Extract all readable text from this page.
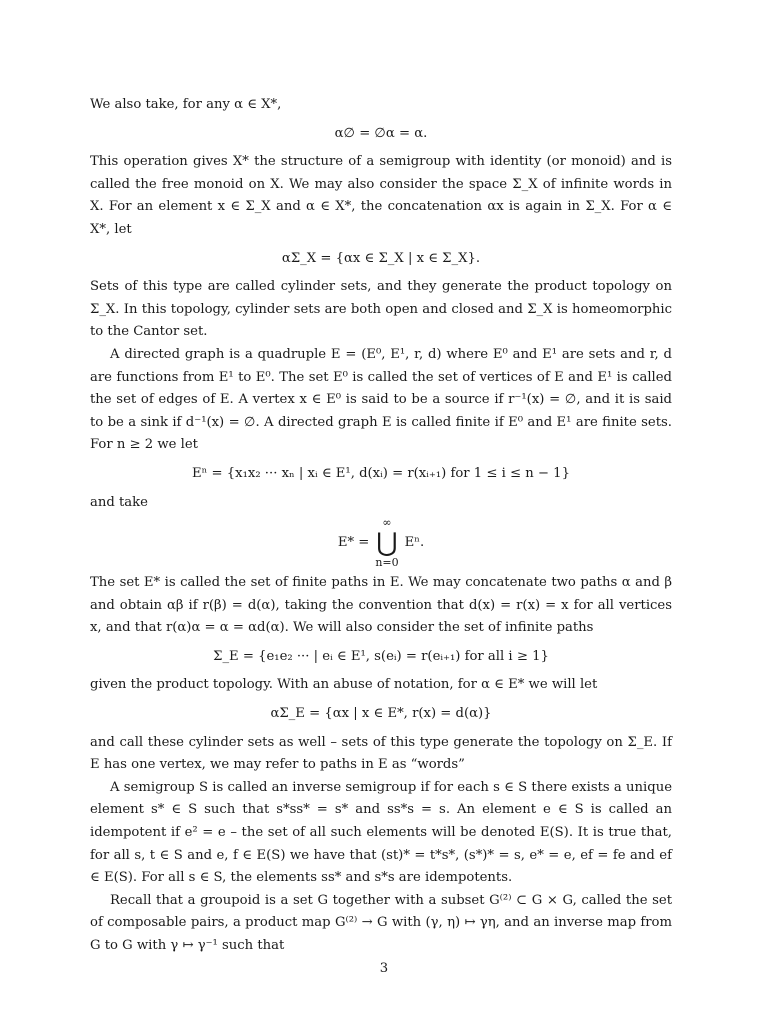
We also take, for any α ∈ X*,

α∅ = ∅α = α.

This operation gives X* the structure of a semigroup with identity (or monoid) and is called the free monoid on X. We may also consider the space Σ_X of infinite words in X. For an element x ∈ Σ_X and α ∈ X*, the concatenation αx is again in Σ_X. For α ∈ X*, let

αΣ_X = {αx ∈ Σ_X | x ∈ Σ_X}.

Sets of this type are called cylinder sets, and they generate the product topology on Σ_X. In this topology, cylinder sets are both open and closed and Σ_X is homeomorphic to the Cantor set.

A directed graph is a quadruple E = (E⁰, E¹, r, d) where E⁰ and E¹ are sets and r, d are functions from E¹ to E⁰. The set E⁰ is called the set of vertices of E and E¹ is called the set of edges of E. A vertex x ∈ E⁰ is said to be a source if r⁻¹(x) = ∅, and it is said to be a sink if d⁻¹(x) = ∅. A directed graph E is called finite if E⁰ and E¹ are finite sets. For n ≥ 2 we let

Eⁿ = {x₁x₂ ··· xₙ | xᵢ ∈ E¹, d(xᵢ) = r(xᵢ₊₁) for 1 ≤ i ≤ n − 1}

and take

E* =
∞
⋃
n=0
Eⁿ.

The set E* is called the set of finite paths in E. We may concatenate two paths α and β and obtain αβ if r(β) = d(α), taking the convention that d(x) = r(x) = x for all vertices x, and that r(α)α = α = αd(α). We will also consider the set of infinite paths

Σ_E = {e₁e₂ ··· | eᵢ ∈ E¹, s(eᵢ) = r(eᵢ₊₁) for all i ≥ 1}

given the product topology. With an abuse of notation, for α ∈ E* we will let

αΣ_E = {αx | x ∈ E*, r(x) = d(α)}

and call these cylinder sets as well – sets of this type generate the topology on Σ_E. If E has one vertex, we may refer to paths in E as “words”

A semigroup S is called an inverse semigroup if for each s ∈ S there exists a unique element s* ∈ S such that s*ss* = s* and ss*s = s. An element e ∈ S is called an idempotent if e² = e – the set of all such elements will be denoted E(S). It is true that, for all s, t ∈ S and e, f ∈ E(S) we have that (st)* = t*s*, (s*)* = s, e* = e, ef = fe and ef ∈ E(S). For all s ∈ S, the elements ss* and s*s are idempotents.

Recall that a groupoid is a set G together with a subset G⁽²⁾ ⊂ G × G, called the set of composable pairs, a product map G⁽²⁾ → G with (γ, η) ↦ γη, and an inverse map from G to G with γ ↦ γ⁻¹ such that

3
